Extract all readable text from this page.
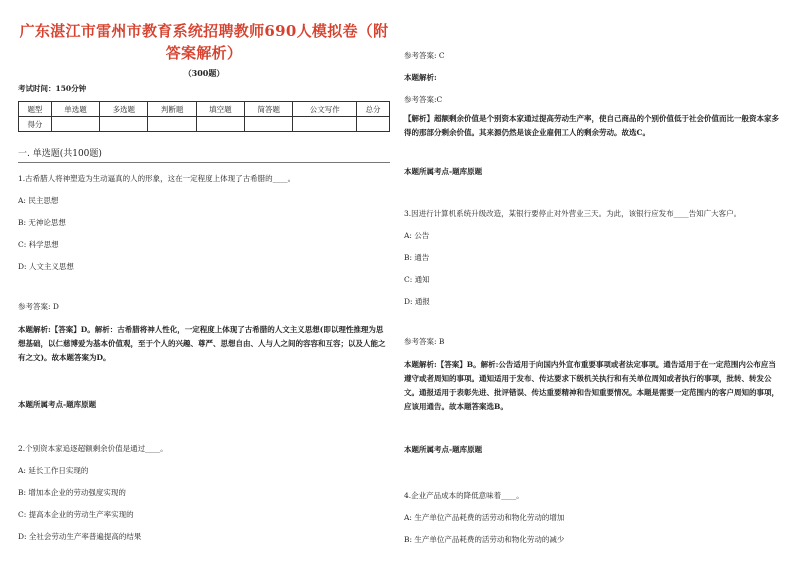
广东湛江市雷州市教育系统招聘教师690人模拟卷（附答案解析）
（300题）
考试时间：150分钟
题型	单选题	多选题	判断题	填空题	简答题	公文写作	总分
得分							
一. 单选题(共100题)
1.古希腊人将神塑造为生动逼真的人的形象，这在一定程度上体现了古希腊的____。
A: 民主思想
B: 无神论思想
C: 科学思想
D: 人文主义思想
参考答案: D
本题解析:【答案】D。解析：古希腊将神人性化，一定程度上体现了古希腊的人文主义思想(即以理性推理为思想基础，以仁慈博爱为基本价值观，至于个人的兴趣、尊严、思想自由、人与人之间的容容和互容；以及人能之有之文)。故本题答案为D。
本题所属考点-题库原题
2.个别资本家追逐超额剩余价值是通过____。
A: 延长工作日实现的
B: 增加本企业的劳动强度实现的
C: 提高本企业的劳动生产率实现的
D: 全社会劳动生产率普遍提高的结果
参考答案: C
本题解析:
参考答案:C
【解析】超额剩余价值是个别资本家通过提高劳动生产率，使自己商品的个别价值低于社会价值而比一般资本家多得的那部分剩余价值。其来源仍然是该企业雇佣工人的剩余劳动。故选C。
本题所属考点-题库原题
3.因进行计算机系统升级改造，某银行要停止对外营业三天。为此，该银行应发布____告知广大客户。
A: 公告
B: 通告
C: 通知
D: 通报
参考答案: B
本题解析:【答案】B。解析:公告适用于向国内外宣布重要事项或者法定事项。通告适用于在一定范围内公布应当遵守或者周知的事项。通知适用于发布、传达要求下级机关执行和有关单位周知或者执行的事项，批转、转发公文。通报适用于表彰先进、批评错误、传达重要精神和告知重要情况。本题是需要一定范围内的客户周知的事项，应该用通告。故本题答案选B。
本题所属考点-题库原题
4.企业产品成本的降低意味着____。
A: 生产单位产品耗费的活劳动和物化劳动的增加
B: 生产单位产品耗费的活劳动和物化劳动的减少
